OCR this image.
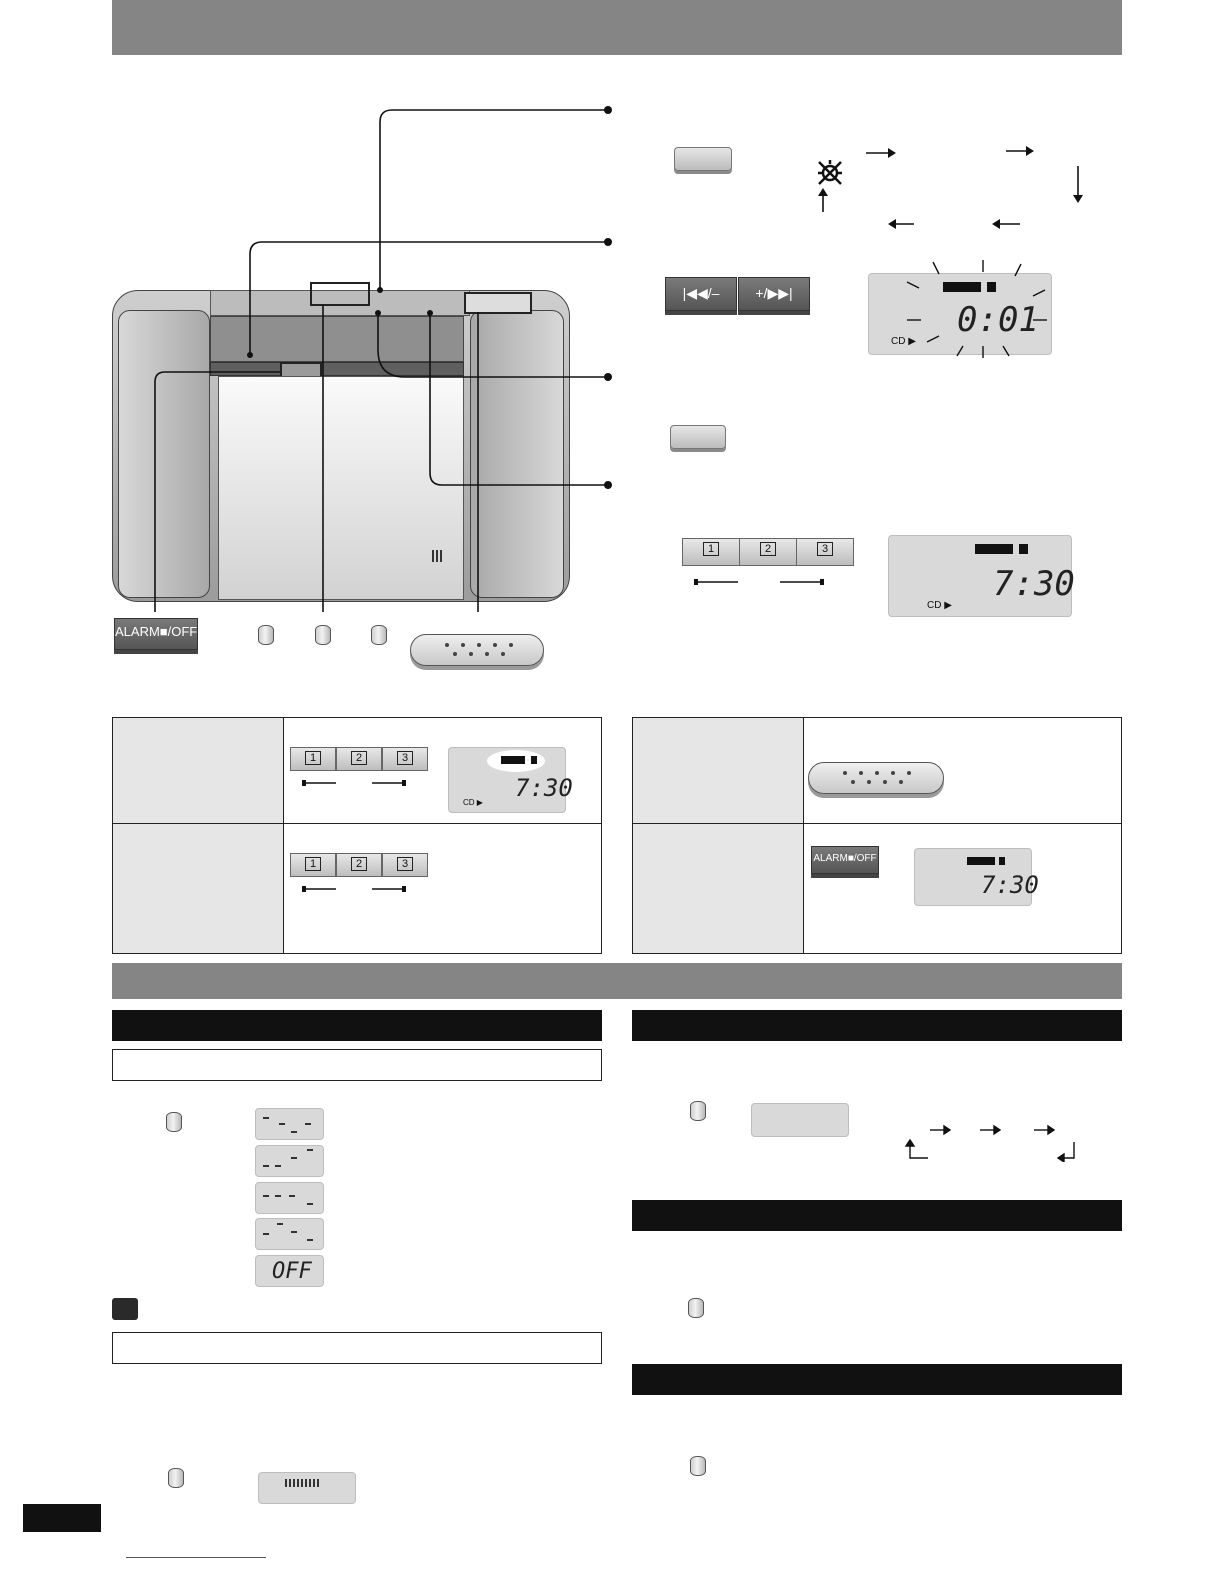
ALARM■/OFF
|◀◀/–	+/▶▶|
0:01
CD ▶
1	2	3
7:30
CD ▶
1	2	3
7:30
CD ▶
1	2	3	ALARM■/OFF
7:30
OFF
